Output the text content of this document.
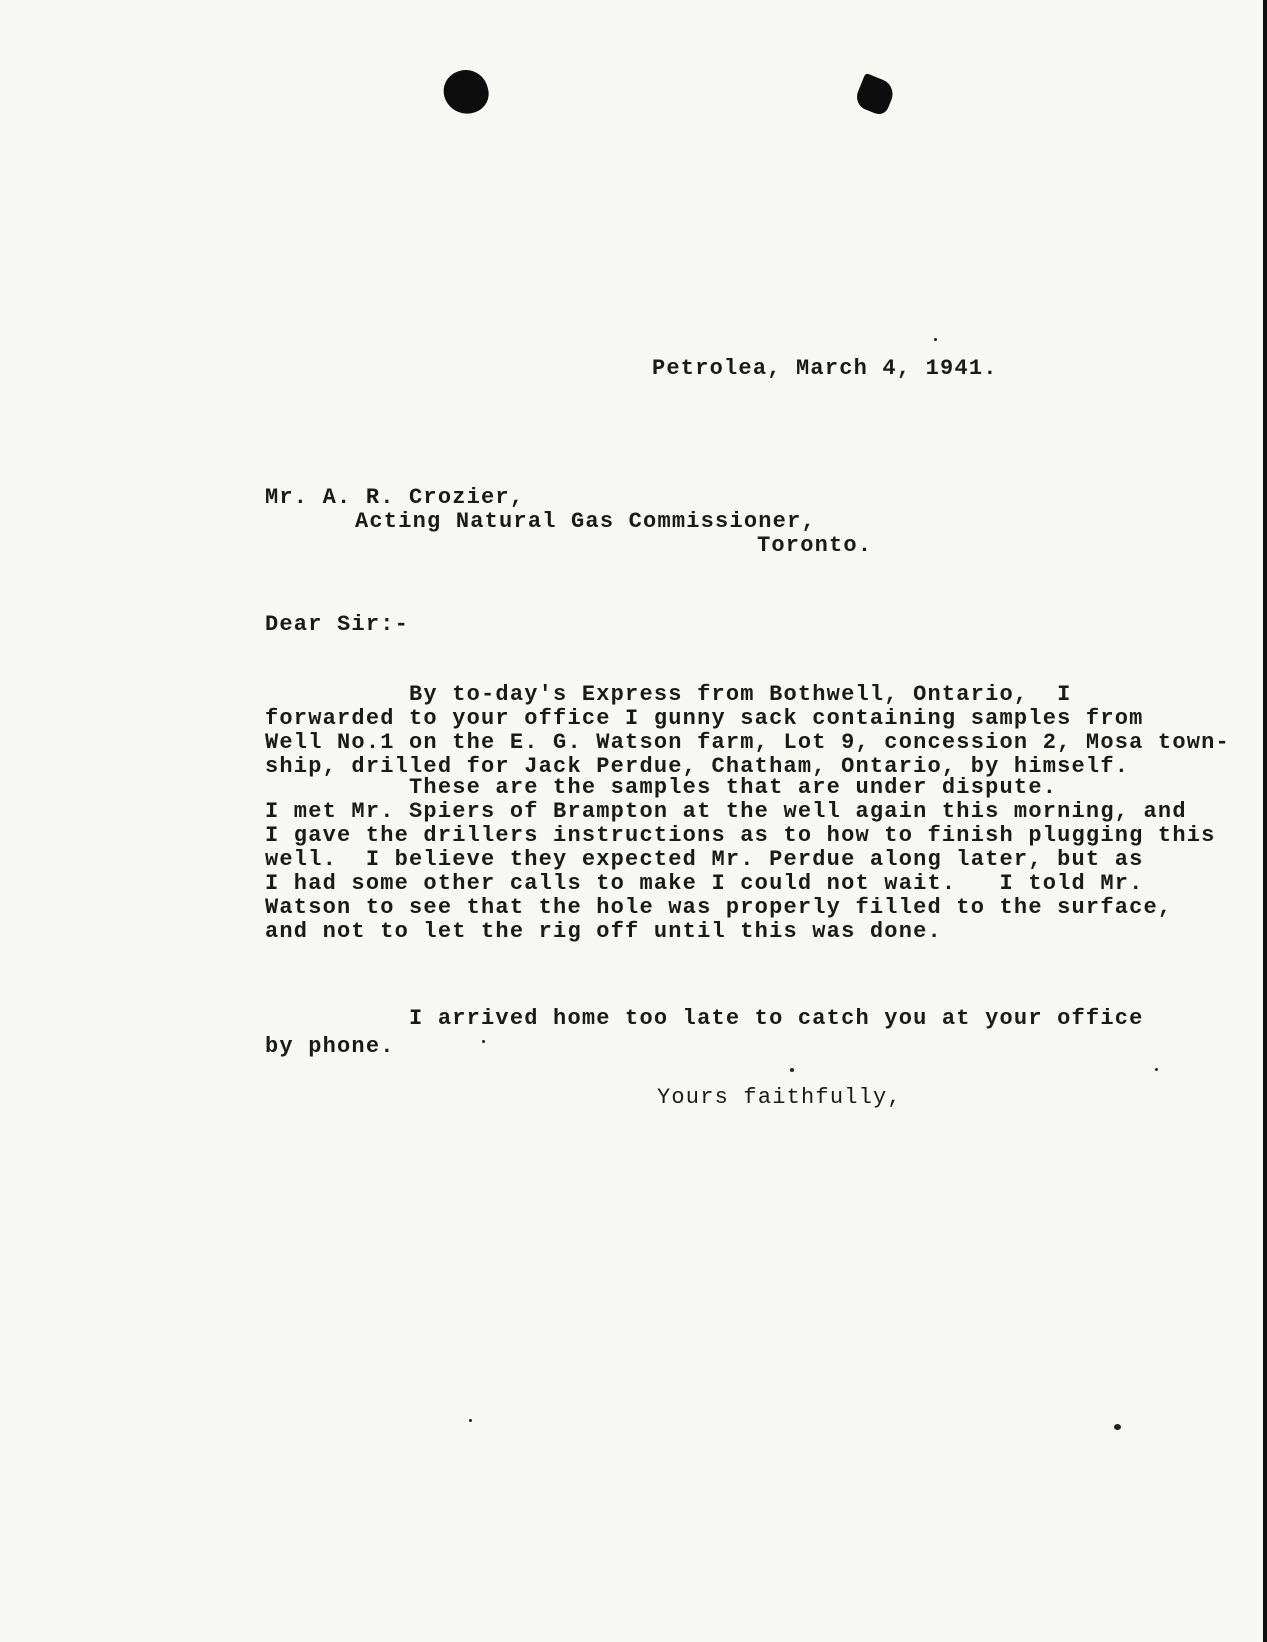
Petrolea, March 4, 1941.
Mr. A. R. Crozier,
Acting Natural Gas Commissioner,
Toronto.
Dear Sir:-
By to-day's Express from Bothwell, Ontario,  I
forwarded to your office I gunny sack containing samples from
Well No.1 on the E. G. Watson farm, Lot 9, concession 2, Mosa town-
ship, drilled for Jack Perdue, Chatham, Ontario, by himself.
These are the samples that are under dispute.
I met Mr. Spiers of Brampton at the well again this morning, and
I gave the drillers instructions as to how to finish plugging this
well.  I believe they expected Mr. Perdue along later, but as
I had some other calls to make I could not wait.   I told Mr.
Watson to see that the hole was properly filled to the surface,
and not to let the rig off until this was done.
I arrived home too late to catch you at your office
by phone.
Yours faithfully,
